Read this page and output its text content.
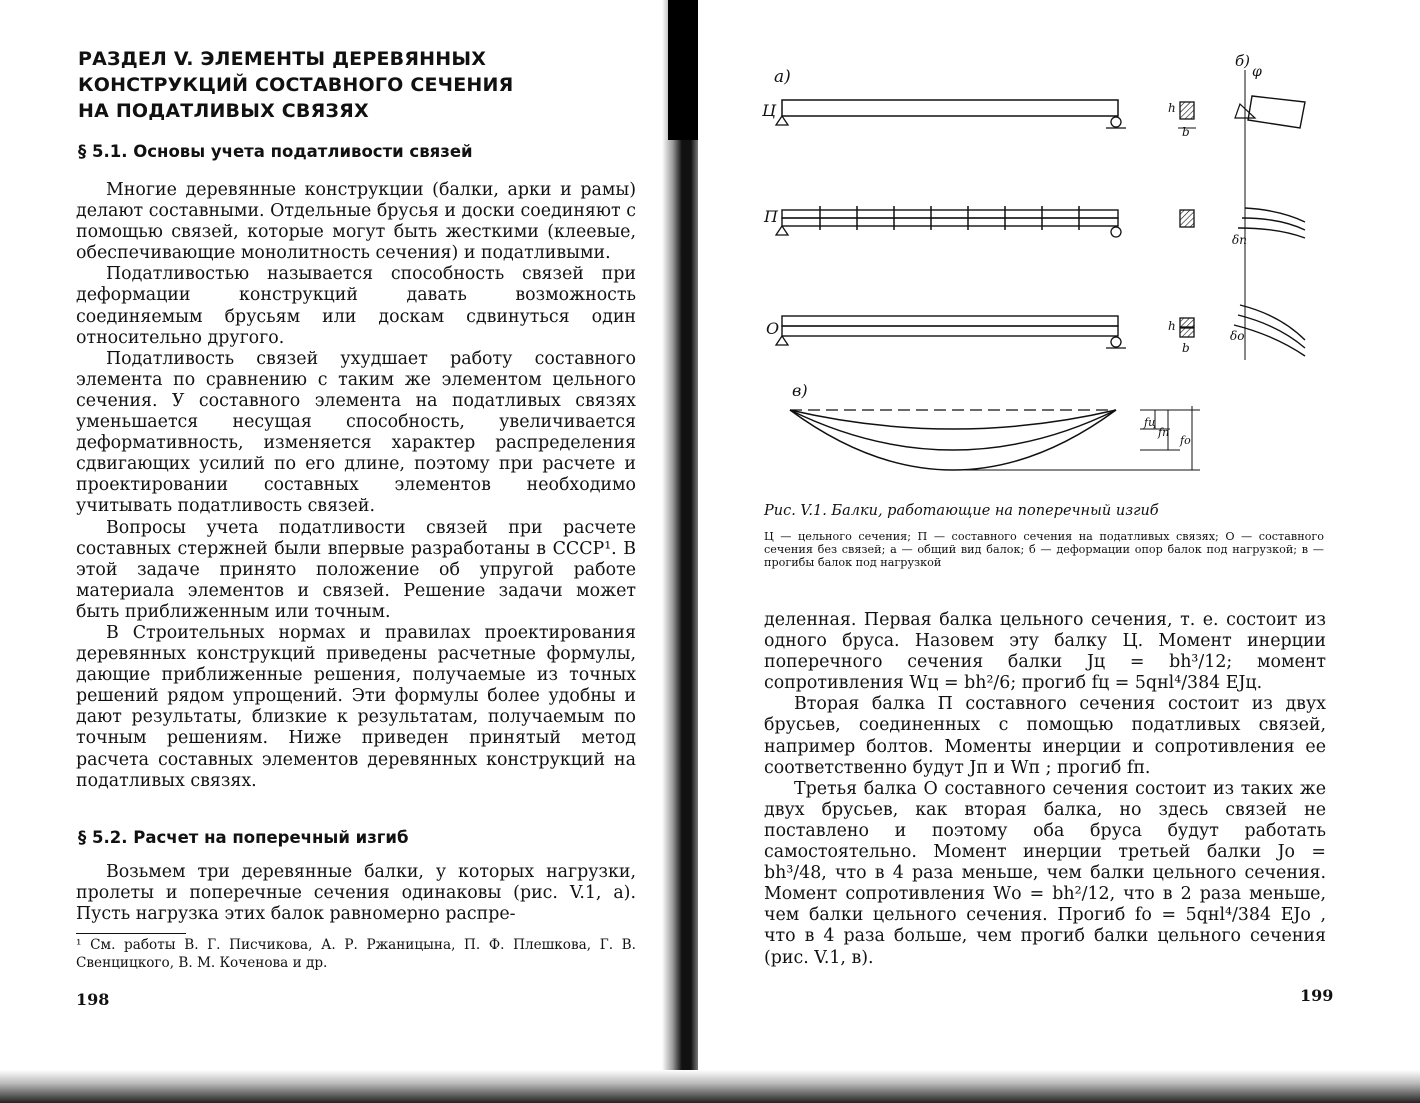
РАЗДЕЛ V. ЭЛЕМЕНТЫ ДЕРЕВЯННЫХ
КОНСТРУКЦИЙ СОСТАВНОГО СЕЧЕНИЯ
НА ПОДАТЛИВЫХ СВЯЗЯХ
§ 5.1. Основы учета податливости связей

Многие деревянные конструкции (балки, арки и рамы) делают составными. Отдельные брусья и доски соединяют с помощью связей, которые могут быть жесткими (клеевые, обеспечивающие монолитность сечения) и податливыми.

Податливостью называется способность связей при деформации конструкций давать возможность соединяемым брусьям или доскам сдвинуться один относительно другого.

Податливость связей ухудшает работу составного элемента по сравнению с таким же элементом цельного сечения. У составного элемента на податливых связях уменьшается несущая способность, увеличивается деформативность, изменяется характер распределения сдвигающих усилий по его длине, поэтому при расчете и проектировании составных элементов необходимо учитывать податливость связей.

Вопросы учета податливости связей при расчете составных стержней были впервые разработаны в СССР¹. В этой задаче принято положение об упругой работе материала элементов и связей. Решение задачи может быть приближенным или точным.

В Строительных нормах и правилах проектирования деревянных конструкций приведены расчетные формулы, дающие приближенные решения, получаемые из точных решений рядом упрощений. Эти формулы более удобны и дают результаты, близкие к результатам, получаемым по точным решениям. Ниже приведен принятый метод расчета составных элементов деревянных конструкций на податливых связях.

§ 5.2. Расчет на поперечный изгиб

Возьмем три деревянные балки, у которых нагрузки, пролеты и поперечные сечения одинаковы (рис. V.1, а). Пусть нагрузка этих балок равномерно распре-

¹ См. работы В. Г. Писчикова, А. Р. Ржаницына, П. Ф. Плешкова, Г. В. Свенцицкого, В. М. Коченова и др.
198
а)
б)
в)
Ц	h
b
П
О	h
b
φ
δп
δо
fц
fп
fо
Рис. V.1. Балки, работающие на поперечный изгиб
Ц — цельного сечения; П — составного сечения на податливых связях; О — составного сечения без связей; а — общий вид балок; б — деформации опор балок под нагрузкой; в — прогибы балок под нагрузкой

деленная. Первая балка цельного сечения, т. е. состоит из одного бруса. Назовем эту балку Ц. Момент инерции поперечного сечения балки Jц = bh³/12; момент сопротивления Wц = bh²/6; прогиб fц = 5qнl⁴/384 EJц.

Вторая балка П составного сечения состоит из двух брусьев, соединенных с помощью податливых связей, например болтов. Моменты инерции и сопротивления ее соответственно будут Jп и Wп ; прогиб fп.

Третья балка О составного сечения состоит из таких же двух брусьев, как вторая балка, но здесь связей не поставлено и поэтому оба бруса будут работать самостоятельно. Момент инерции третьей балки Jо = bh³/48, что в 4 раза меньше, чем балки цельного сечения. Момент сопротивления Wо = bh²/12, что в 2 раза меньше, чем балки цельного сечения. Прогиб fо = 5qнl⁴/384 EJо , что в 4 раза больше, чем прогиб балки цельного сечения (рис. V.1, в).

199
